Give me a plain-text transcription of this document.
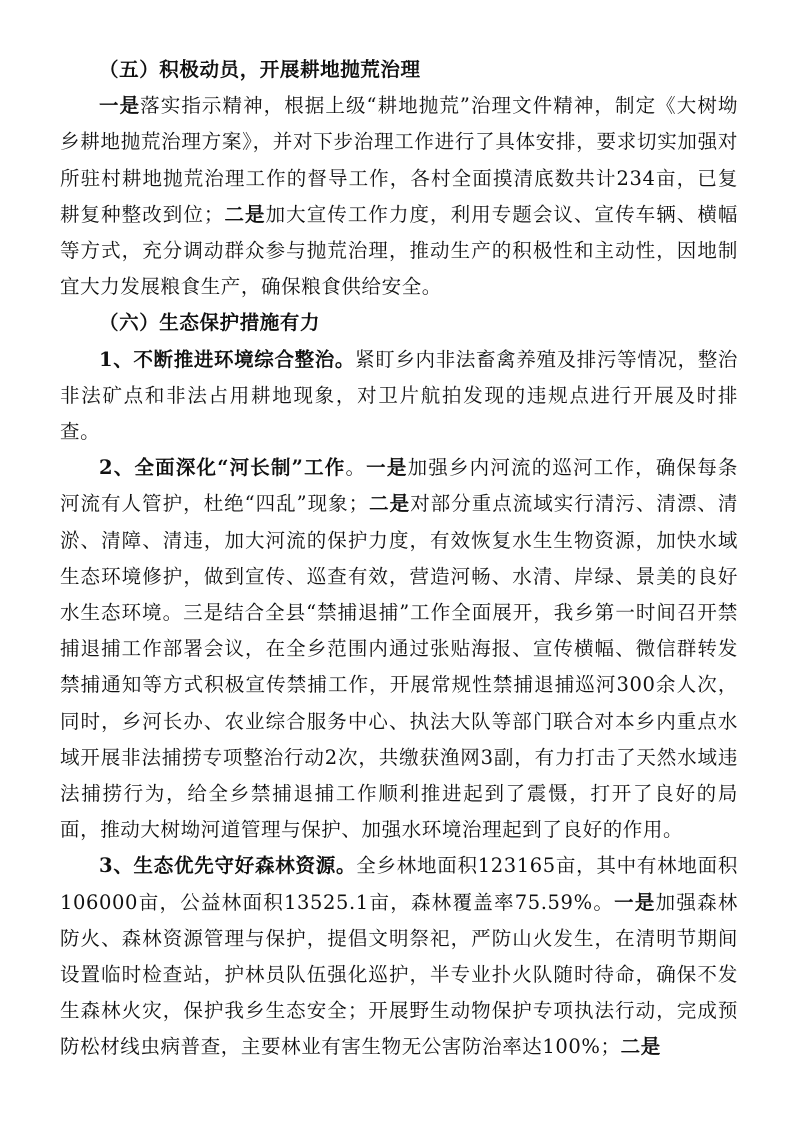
（五）积极动员，开展耕地抛荒治理

一是落实指示精神，根据上级“耕地抛荒”治理文件精神，制定《大树坳乡耕地抛荒治理方案》，并对下步治理工作进行了具体安排，要求切实加强对所驻村耕地抛荒治理工作的督导工作，各村全面摸清底数共计234亩，已复耕复种整改到位；二是加大宣传工作力度，利用专题会议、宣传车辆、横幅等方式，充分调动群众参与抛荒治理，推动生产的积极性和主动性，因地制宜大力发展粮食生产，确保粮食供给安全。

（六）生态保护措施有力

1、不断推进环境综合整治。紧盯乡内非法畜禽养殖及排污等情况，整治非法矿点和非法占用耕地现象，对卫片航拍发现的违规点进行开展及时排查。

2、全面深化“河长制”工作。一是加强乡内河流的巡河工作，确保每条河流有人管护，杜绝“四乱”现象；二是对部分重点流域实行清污、清漂、清淤、清障、清违，加大河流的保护力度，有效恢复水生生物资源，加快水域生态环境修护，做到宣传、巡查有效，营造河畅、水清、岸绿、景美的良好水生态环境。三是结合全县“禁捕退捕”工作全面展开，我乡第一时间召开禁捕退捕工作部署会议，在全乡范围内通过张贴海报、宣传横幅、微信群转发禁捕通知等方式积极宣传禁捕工作，开展常规性禁捕退捕巡河300余人次，同时，乡河长办、农业综合服务中心、执法大队等部门联合对本乡内重点水域开展非法捕捞专项整治行动2次，共缴获渔网3副，有力打击了天然水域违法捕捞行为，给全乡禁捕退捕工作顺利推进起到了震慑，打开了良好的局面，推动大树坳河道管理与保护、加强水环境治理起到了良好的作用。

3、生态优先守好森林资源。全乡林地面积123165亩，其中有林地面积106000亩，公益林面积13525.1亩，森林覆盖率75.59%。一是加强森林防火、森林资源管理与保护，提倡文明祭祀，严防山火发生，在清明节期间设置临时检查站，护林员队伍强化巡护，半专业扑火队随时待命，确保不发生森林火灾，保护我乡生态安全；开展野生动物保护专项执法行动，完成预防松材线虫病普查，主要林业有害生物无公害防治率达100%；二是
